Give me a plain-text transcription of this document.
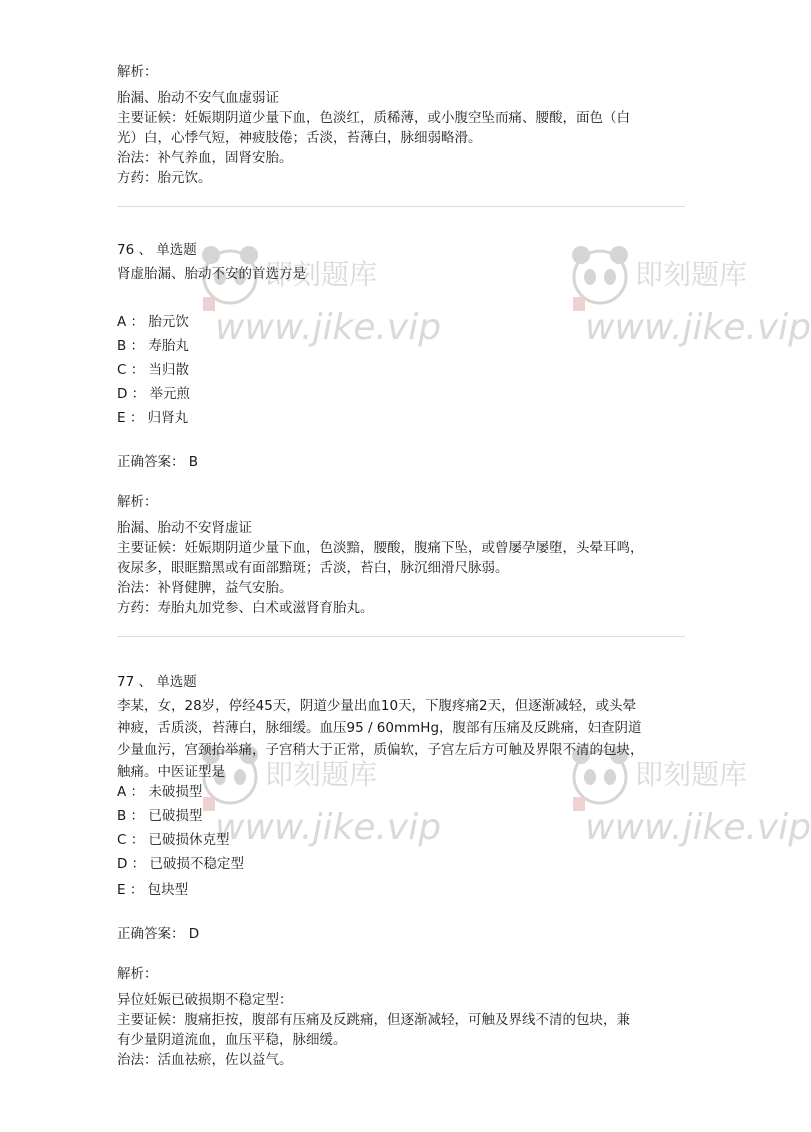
即刻题库
www.jike.vip
即刻题库
www.jike.vip
即刻题库
www.jike.vip
即刻题库
www.jike.vip
解析：
胎漏、胎动不安气血虚弱证
主要证候：妊娠期阴道少量下血，色淡红，质稀薄，或小腹空坠而痛、腰酸，面色（白
光）白，心悸气短，神疲肢倦；舌淡，苔薄白，脉细弱略滑。
治法：补气养血，固肾安胎。
方药：胎元饮。
76 、 单选题
肾虚胎漏、胎动不安的首选方是
A ： 胎元饮
B ： 寿胎丸
C ： 当归散
D ： 举元煎
E ： 归肾丸
正确答案： B
解析：
胎漏、胎动不安肾虚证
主要证候：妊娠期阴道少量下血，色淡黯，腰酸，腹痛下坠，或曾屡孕屡堕，头晕耳鸣，
夜尿多，眼眶黯黑或有面部黯斑；舌淡，苔白，脉沉细滑尺脉弱。
治法：补肾健脾，益气安胎。
方药：寿胎丸加党参、白术或滋肾育胎丸。
77 、 单选题
李某，女，28岁，停经45天，阴道少量出血10天，下腹疼痛2天，但逐渐减轻，或头晕
神疲，舌质淡，苔薄白，脉细缓。血压95 / 60mmHg，腹部有压痛及反跳痛，妇查阴道
少量血污，宫颈抬举痛，子宫稍大于正常，质偏软，子宫左后方可触及界限不清的包块，
触痛。中医证型是
A ： 未破损型
B ： 已破损型
C ： 已破损休克型
D ： 已破损不稳定型
E ： 包块型
正确答案： D
解析：
异位妊娠已破损期不稳定型：
主要证候：腹痛拒按，腹部有压痛及反跳痛，但逐渐减轻，可触及界线不清的包块，兼
有少量阴道流血，血压平稳，脉细缓。
治法：活血祛瘀，佐以益气。
